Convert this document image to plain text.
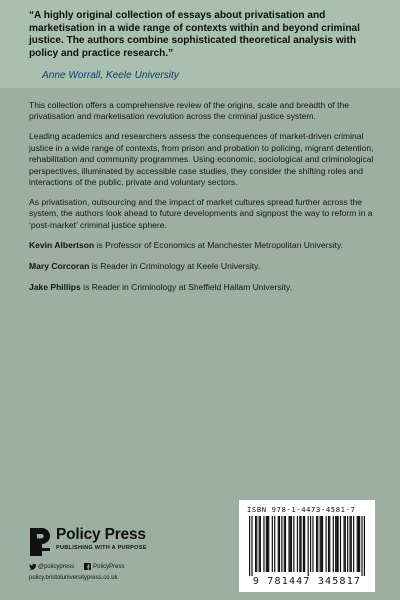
“A highly original collection of essays about privatisation and marketisation in a wide range of contexts within and beyond criminal justice. The authors combine sophisticated theoretical analysis with policy and practice research.”

Anne Worrall, Keele University

This collection offers a comprehensive review of the origins, scale and breadth of the privatisation and marketisation revolution across the criminal justice system.

Leading academics and researchers assess the consequences of market-driven criminal justice in a wide range of contexts, from prison and probation to policing, migrant detention, rehabilitation and community programmes. Using economic, sociological and criminological perspectives, illuminated by accessible case studies, they consider the shifting roles and interactions of the public, private and voluntary sectors.

As privatisation, outsourcing and the impact of market cultures spread further across the system, the authors look ahead to future developments and signpost the way to reform in a ‘post-market’ criminal justice sphere.

Kevin Albertson is Professor of Economics at Manchester Metropolitan University.

Mary Corcoran is Reader in Criminology at Keele University.

Jake Phillips is Reader in Criminology at Sheffield Hallam University.

Policy Press
PUBLISHING WITH A PURPOSE
@policypress	PolicyPress
policy.bristoluniversitypress.co.uk
ISBN 978-1-4473-4581-7
9 781447 345817
